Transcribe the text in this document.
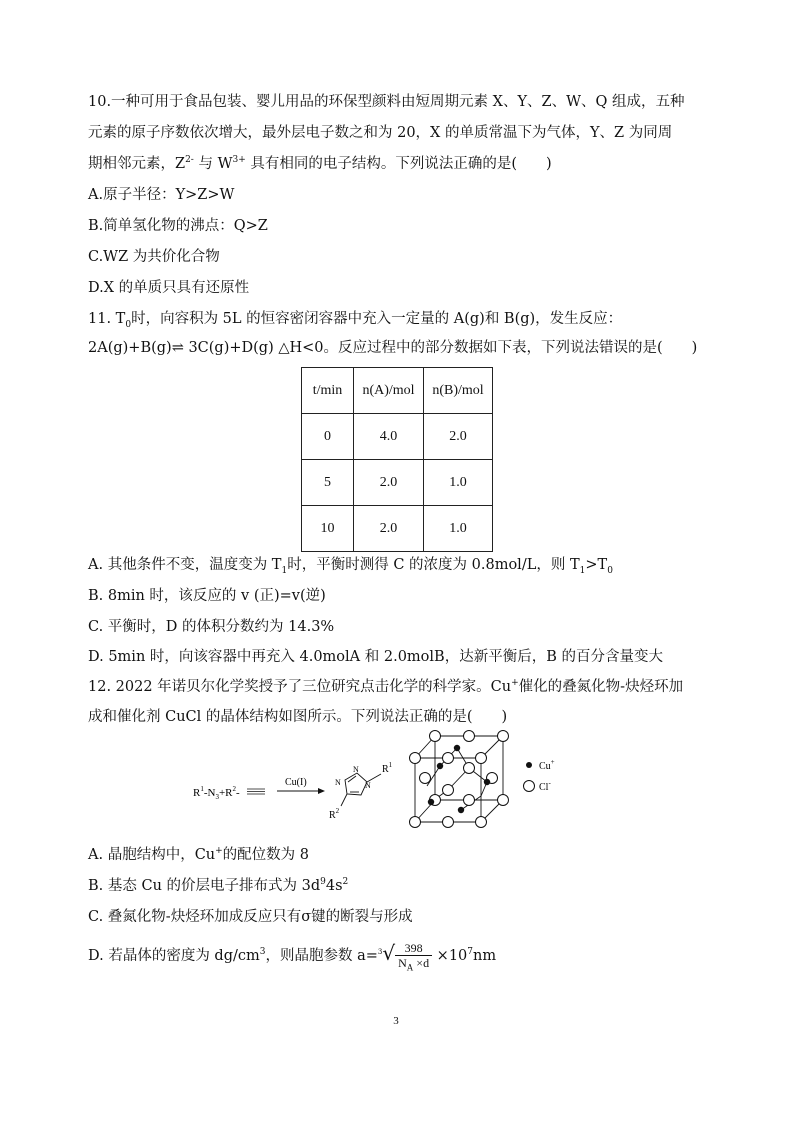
10.一种可用于食品包装、婴儿用品的环保型颜料由短周期元素 X、Y、Z、W、Q 组成，五种
元素的原子序数依次增大，最外层电子数之和为 20，X 的单质常温下为气体，Y、Z 为同周
期相邻元素，$Z^{2-}$ 与 $W^{3+}$ 具有相同的电子结构。下列说法正确的是(　　)
A.原子半径：Y>Z>W
B.简单氢化物的沸点：Q>Z
C.WZ 为共价化合物
D.X 的单质只具有还原性
11. $T_0$时，向容积为 5L 的恒容密闭容器中充入一定量的 A(g)和 B(g)，发生反应：
2A(g)+B(g)⇌ 3C(g)+D(g) △H<0。反应过程中的部分数据如下表，下列说法错误的是(　　)
t/min	n(A)/mol	n(B)/mol
0	4.0	2.0
5	2.0	1.0
10	2.0	1.0
A. 其他条件不变，温度变为 $T_1$时，平衡时测得 C 的浓度为 0.8mol/L，则 $T_1>T_0$
B. 8min 时，该反应的 v (正)=v(逆)
C. 平衡时，D 的体积分数约为 14.3%
D. 5min 时，向该容器中再充入 4.0molA 和 2.0molB，达新平衡后，B 的百分含量变大
12. 2022 年诺贝尔化学奖授予了三位研究点击化学的科学家。Cu+催化的叠氮化物-炔烃环加
成和催化剂 CuCl 的晶体结构如图所示。下列说法正确的是(　　)
$R^1-N_3+R^2-$
Cu(I)	N
N
N
$R^1$
$R^2$
Cu+
Cl-
A. 晶胞结构中，Cu+的配位数为 8
B. 基态 Cu 的价层电子排布式为 $3d^94s^2$
C. 叠氮化物-炔烃环加成反应只有σ键的断裂与形成
D. 若晶体的密度为 $dg/cm^3$，则晶胞参数 $a=^3√ \frac{398}{N_A \times d} \times 10^7nm$
3
